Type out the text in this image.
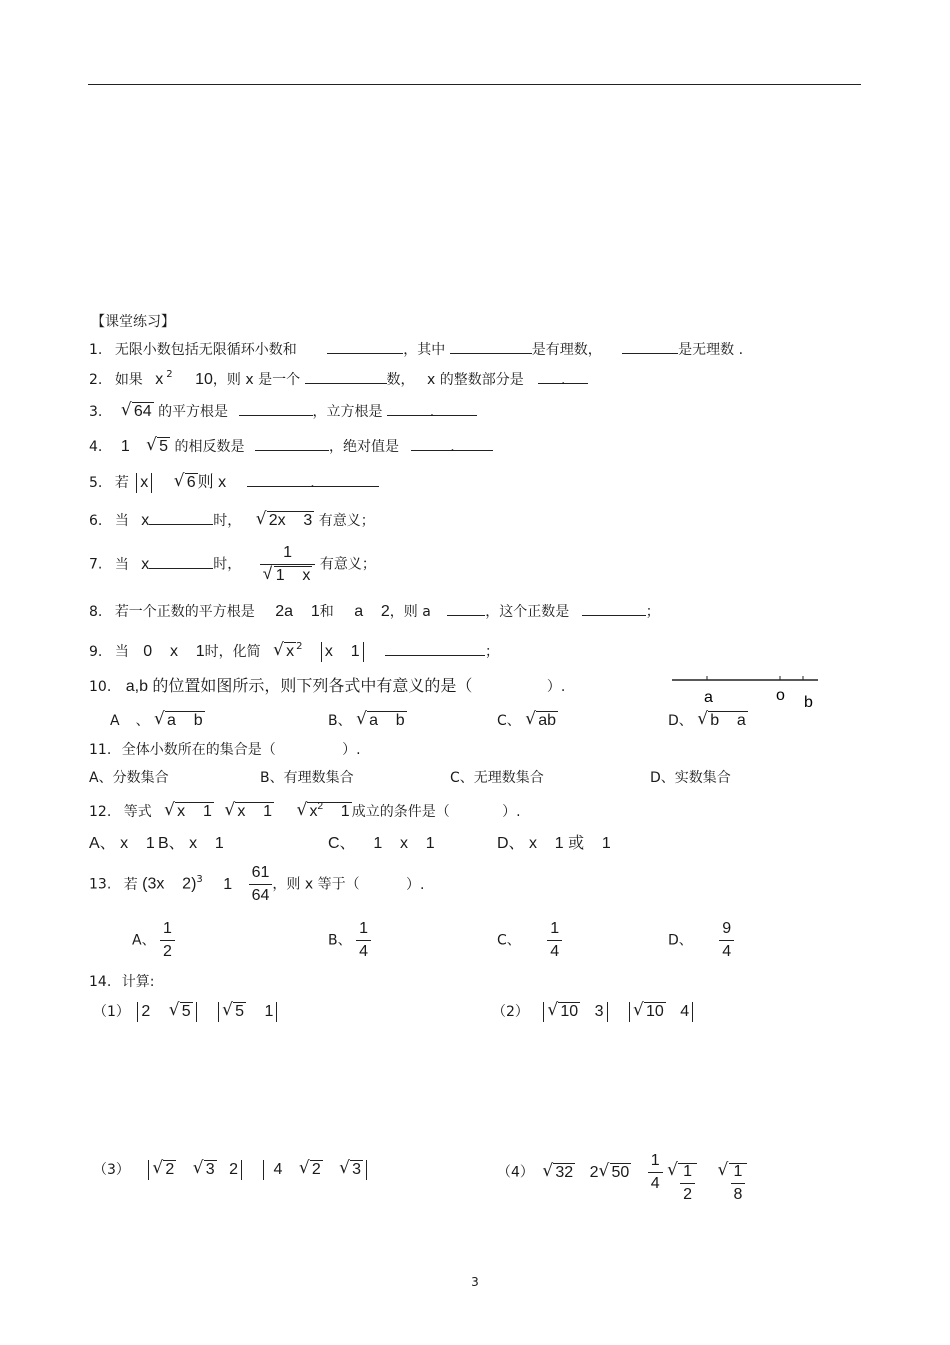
【课堂练习】
1. 无限小数包括无限循环小数和	，其中	是有理数，	是无理数 .
2. 如果 x $^2$ 10，则 x 是一个	数， x 的整数部分是	.
3. √ 64 的平方根是	，立方根是	.
4. 1 √ 5 的相反数是	，绝对值是	.
5. 若 x √ 6 则 x	.
6. 当 x	时， √ 2x    3 有意义；
7. 当 x	时， 1
√ 1    x 有意义；
8. 若一个正数的平方根是 2a    1和 a    2，则 a	，这个正数是	；
9. 当 0    x    1时，化简 √ x $^2$ x    1	；
10. a,b 的位置如图所示，则下列各式中有意义的是（	）.
a	o b
A 、 √ a    b	B、 √ a    b	C、 √ ab	D、 √ b    a
11. 全体小数所在的集合是（	）.
A、分数集合	B、有理数集合	C、无理数集合	D、实数集合
12. 等式 √ x    1 √ x    1 √ $x^2$    1 成立的条件是（	）.
A、 x    1 B、 x    1	C、    1    x    1	D、 x    1 或    1
13. 若 (3x    2)$^3$ $1 \frac{61}{64}$ ，则 x 等于（	）.
A、 $\frac{1}{2}$	B、 $\frac{1}{4}$	C、 $\frac{1}{4}$	D、 $\frac{9}{4}$
14. 计算:
（1） 2 √ 5	√ 5 1	（2） √ 10 3	√ 10 4
（3） √ 2 √ 3 2 4 √ 2 √ 3	（4） √ 32 2 √ $50 \frac{1}{4}$
√ $\frac{1}{2}$
√ $\frac{1}{8}$
3
